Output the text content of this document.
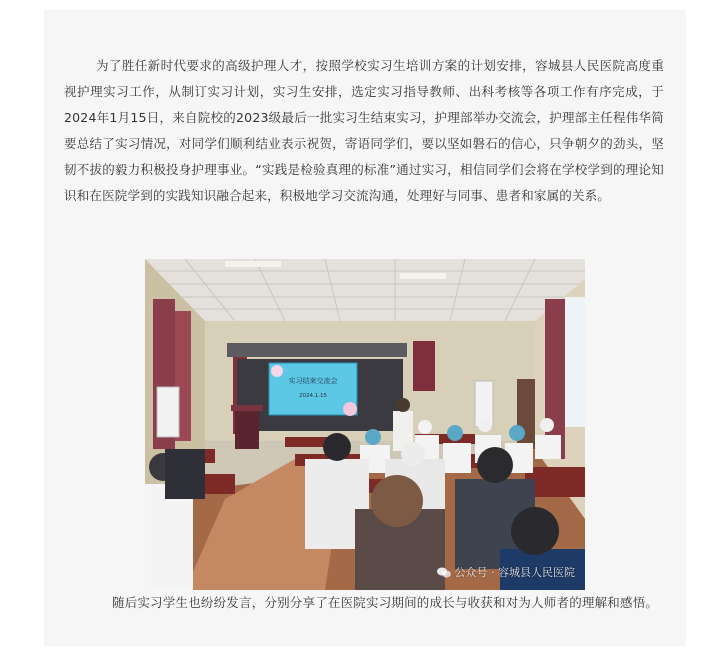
为了胜任新时代要求的高级护理人才，按照学校实习生培训方案的计划安排，容城县人民医院高度重视护理实习工作，从制订实习计划，实习生安排，选定实习指导教师、出科考核等各项工作有序完成，于2024年1月15日，来自院校的2023级最后一批实习生结束实习，护理部举办交流会，护理部主任程伟华简要总结了实习情况，对同学们顺利结业表示祝贺，寄语同学们，要以坚如磐石的信心，只争朝夕的劲头，坚韧不拔的毅力积极投身护理事业。“实践是检验真理的标准”通过实习，相信同学们会将在学校学到的理论知识和在医院学到的实践知识融合起来，积极地学习交流沟通，处理好与同事、患者和家属的关系。

实习结束交流会
2024.1.15
公众号 · 容城县人民医院

随后实习学生也纷纷发言，分别分享了在医院实习期间的成长与收获和对为人师者的理解和感悟。
